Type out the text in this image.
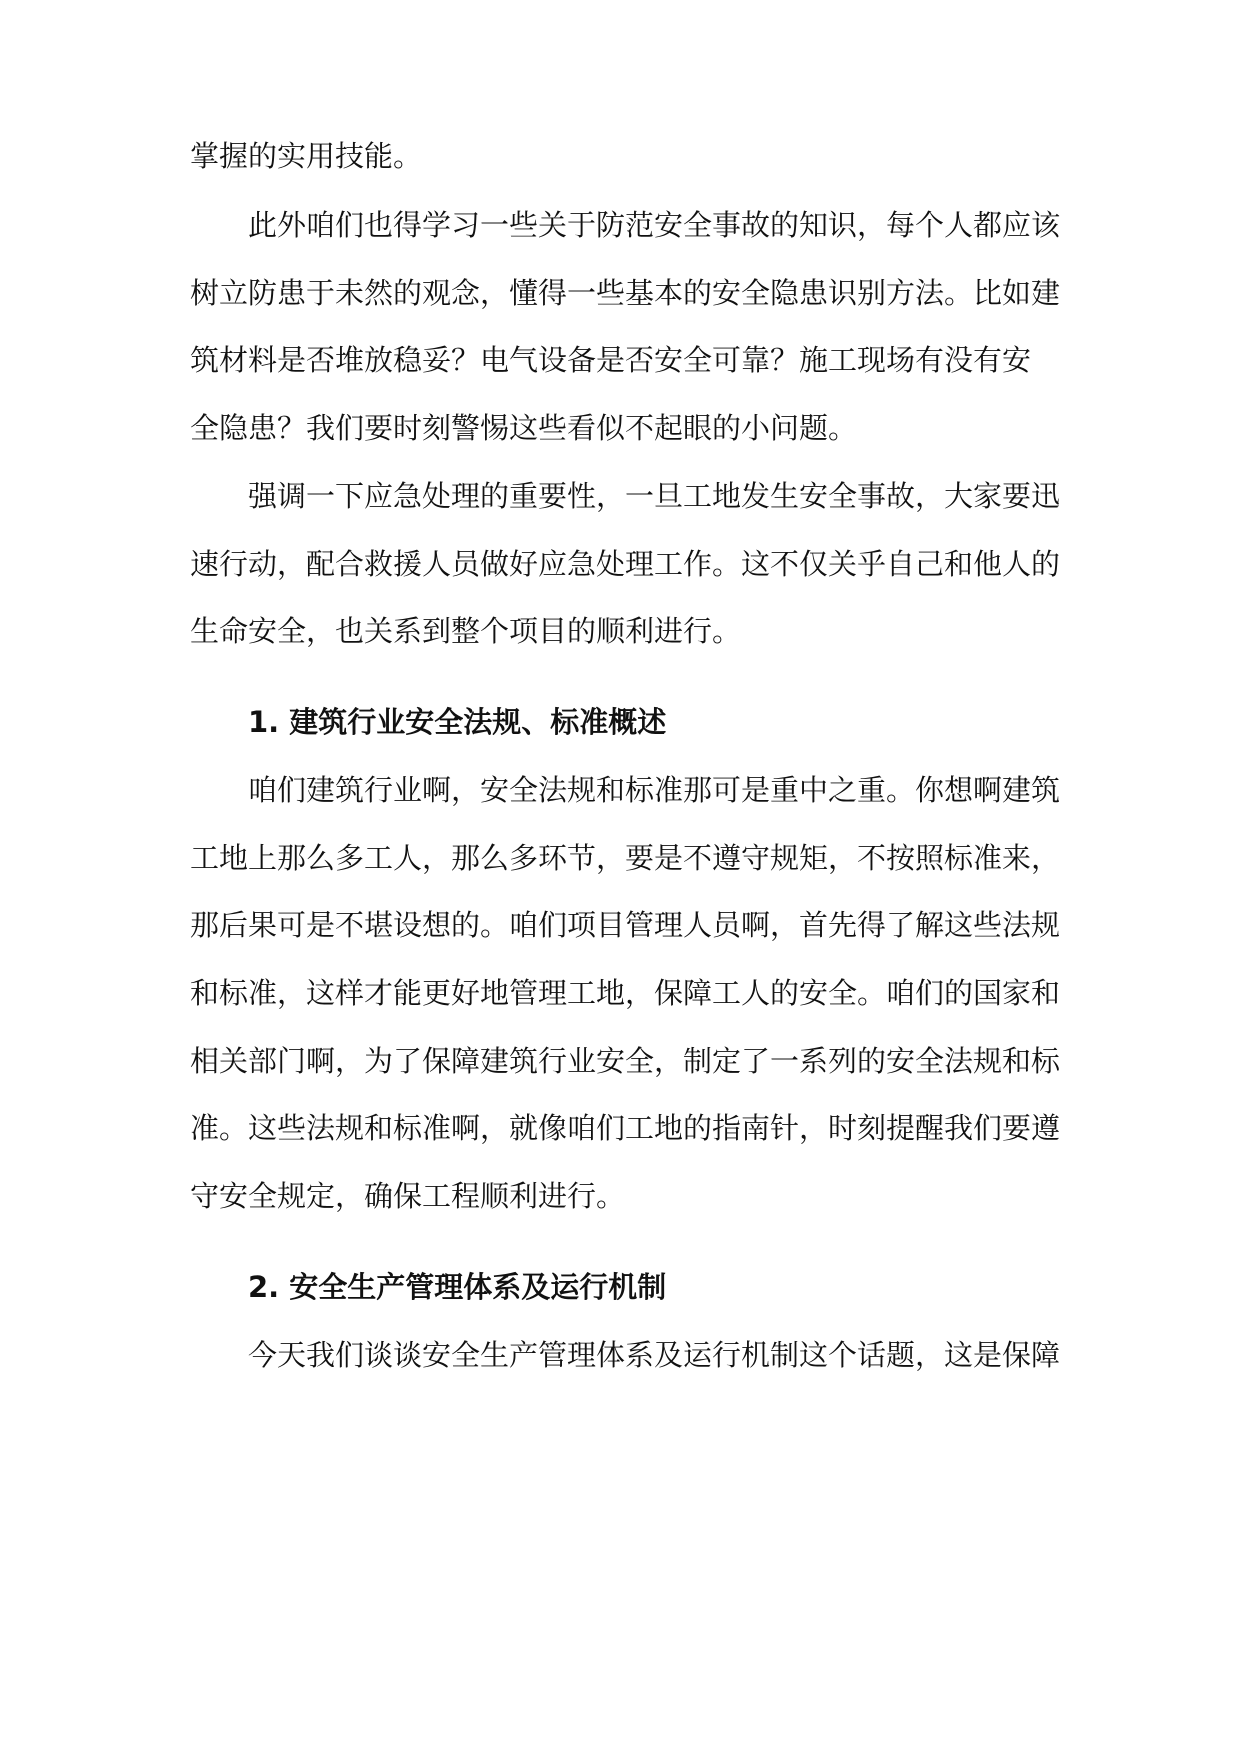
掌握的实用技能。
此外咱们也得学习一些关于防范安全事故的知识，每个人都应该
树立防患于未然的观念，懂得一些基本的安全隐患识别方法。比如建
筑材料是否堆放稳妥？电气设备是否安全可靠？施工现场有没有安
全隐患？我们要时刻警惕这些看似不起眼的小问题。
强调一下应急处理的重要性，一旦工地发生安全事故，大家要迅
速行动，配合救援人员做好应急处理工作。这不仅关乎自己和他人的
生命安全，也关系到整个项目的顺利进行。
1. 建筑行业安全法规、标准概述
咱们建筑行业啊，安全法规和标准那可是重中之重。你想啊建筑
工地上那么多工人，那么多环节，要是不遵守规矩，不按照标准来，
那后果可是不堪设想的。咱们项目管理人员啊，首先得了解这些法规
和标准，这样才能更好地管理工地，保障工人的安全。咱们的国家和
相关部门啊，为了保障建筑行业安全，制定了一系列的安全法规和标
准。这些法规和标准啊，就像咱们工地的指南针，时刻提醒我们要遵
守安全规定，确保工程顺利进行。
2. 安全生产管理体系及运行机制
今天我们谈谈安全生产管理体系及运行机制这个话题，这是保障
